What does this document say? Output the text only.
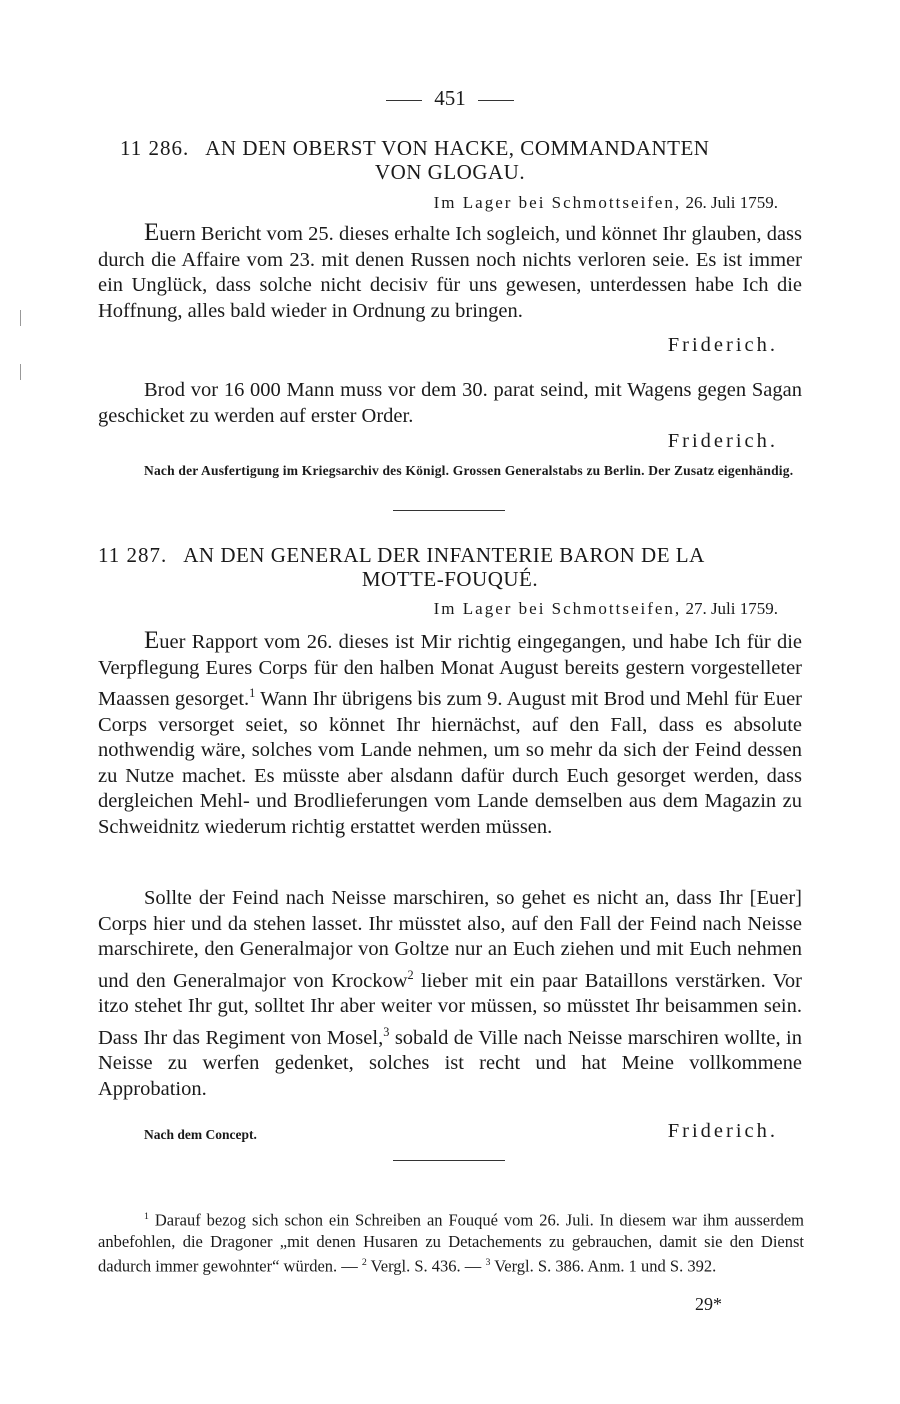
451
11 286. AN DEN OBERST VON HACKE, COMMANDANTEN
VON GLOGAU.
Im Lager bei Schmottseifen, 26. Juli 1759.

Euern Bericht vom 25. dieses erhalte Ich sogleich, und könnet Ihr glauben, dass durch die Affaire vom 23. mit denen Russen noch nichts verloren seie. Es ist immer ein Unglück, dass solche nicht decisiv für uns gewesen, unterdessen habe Ich die Hoffnung, alles bald wieder in Ordnung zu bringen.

Friderich.

Brod vor 16 000 Mann muss vor dem 30. parat seind, mit Wagens gegen Sagan geschicket zu werden auf erster Order.

Friderich.
Nach der Ausfertigung im Kriegsarchiv des Königl. Grossen Generalstabs zu Berlin. Der Zusatz eigenhändig.
11 287. AN DEN GENERAL DER INFANTERIE BARON DE LA
MOTTE-FOUQUÉ.
Im Lager bei Schmottseifen, 27. Juli 1759.

Euer Rapport vom 26. dieses ist Mir richtig eingegangen, und habe Ich für die Verpflegung Eures Corps für den halben Monat August bereits gestern vorgestelleter Maassen gesorget.$^1$ Wann Ihr übrigens bis zum 9. August mit Brod und Mehl für Euer Corps versorget seiet, so könnet Ihr hiernächst, auf den Fall, dass es absolute nothwendig wäre, solches vom Lande nehmen, um so mehr da sich der Feind dessen zu Nutze machet. Es müsste aber alsdann dafür durch Euch gesorget werden, dass dergleichen Mehl- und Brodlieferungen vom Lande demselben aus dem Magazin zu Schweidnitz wiederum richtig erstattet werden müssen.

Sollte der Feind nach Neisse marschiren, so gehet es nicht an, dass Ihr [Euer] Corps hier und da stehen lasset. Ihr müsstet also, auf den Fall der Feind nach Neisse marschirete, den Generalmajor von Goltze nur an Euch ziehen und mit Euch nehmen und den Generalmajor von Krockow$^2$ lieber mit ein paar Bataillons verstärken. Vor itzo stehet Ihr gut, solltet Ihr aber weiter vor müssen, so müsstet Ihr beisammen sein. Dass Ihr das Regiment von Mosel,$^3$ sobald de Ville nach Neisse marschiren wollte, in Neisse zu werfen gedenket, solches ist recht und hat Meine vollkommene Approbation.

Nach dem Concept.	Friderich.
$^1$ Darauf bezog sich schon ein Schreiben an Fouqué vom 26. Juli. In diesem war ihm ausserdem anbefohlen, die Dragoner „mit denen Husaren zu Detachements zu gebrauchen, damit sie den Dienst dadurch immer gewohnter“ würden. — $^2$ Vergl. S. 436. — $^3$ Vergl. S. 386. Anm. 1 und S. 392.
29*
